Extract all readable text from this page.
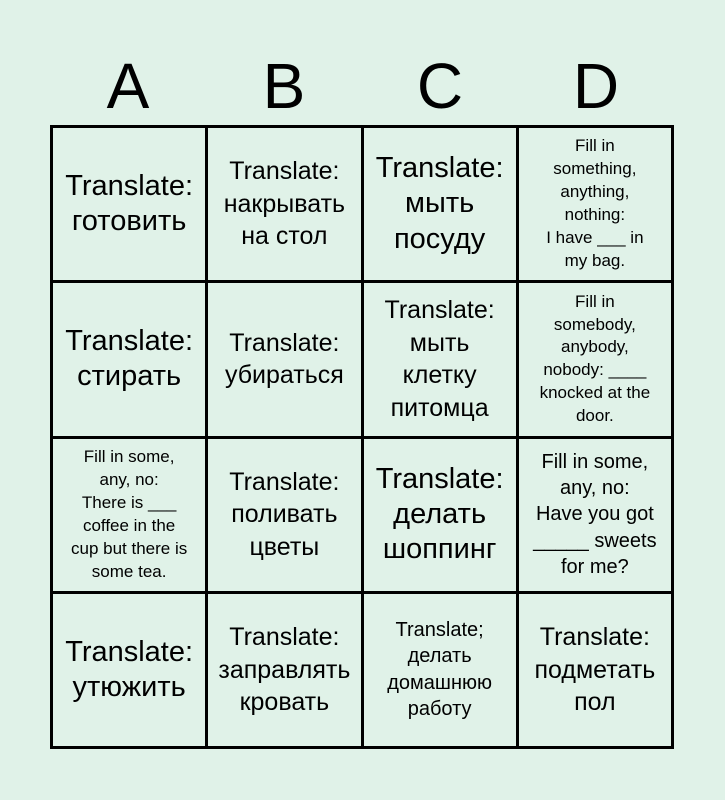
A	B	C	D
Translate:
готовить
Translate:
накрывать
на стол
Translate:
мыть
посуду
Fill in
something,
anything,
nothing:
I have ___ in
my bag.
Translate:
стирать
Translate:
убираться
Translate:
мыть
клетку
питомца
Fill in
somebody,
anybody,
nobody: ____
knocked at the
door.
Fill in some,
any, no:
There is ___
coffee in the
cup but there is
some tea.
Translate:
поливать
цветы
Translate:
делать
шоппинг
Fill in some,
any, no:
Have you got
_____ sweets
for me?
Translate:
утюжить
Translate:
заправлять
кровать
Translate;
делать
домашнюю
работу
Translate:
подметать
пол
